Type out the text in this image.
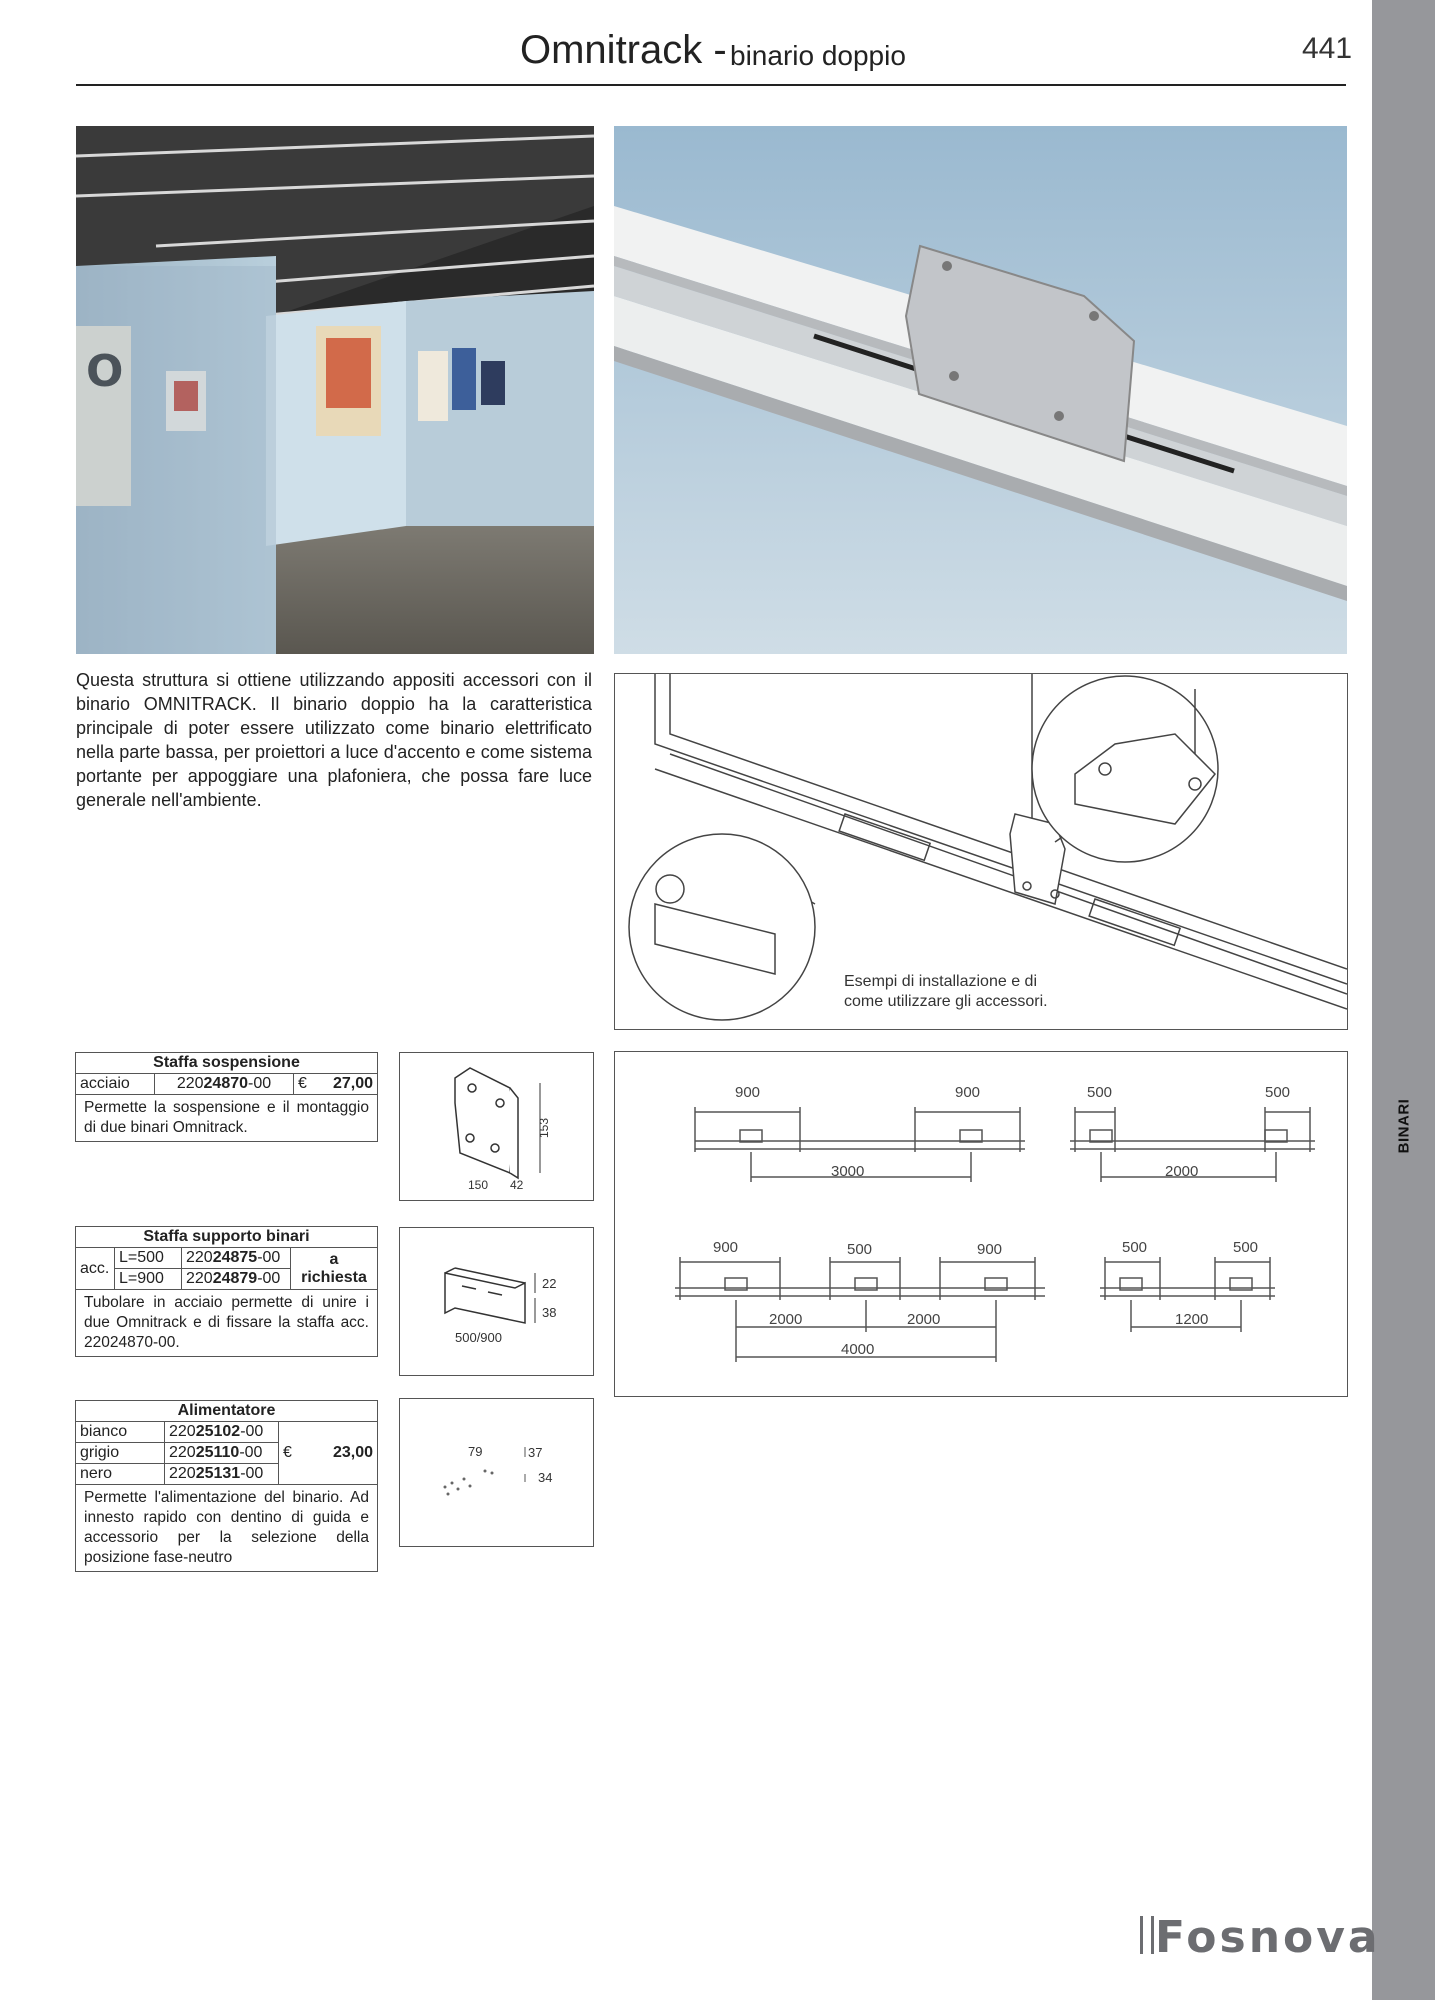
BINARI
Omnitrack - binario doppio	441
O
Questa struttura si ottiene utilizzando appositi accessori con il binario OMNITRACK. Il binario doppio ha la caratteristica principale di poter essere utilizzato come binario elettrificato nella parte bassa, per proiettori a luce d'accento e come sistema portante per appoggiare una plafoniera, che possa fare luce generale nell'ambiente.
Esempi di installazione e di
come utilizzare gli accessori.
Staffa sospensione
acciaio	22024870-00	€ 27,00
Permette la sospensione e il montaggio di due binari Omnitrack.	153
150 42
Staffa supporto binari			
acc.	L=500	22024875-00	a richiesta
	L=900	22024879-00	
Tubolare in acciaio permette di unire i due Omnitrack e di fissare la staffa acc. 22024870-00.			
22
38
500/900
Alimentatore		
bianco	22025102-00	€ 23,00
grigio	22025110-00	
nero	22025131-00	
Permette l'alimentazione del binario. Ad innesto rapido con dentino di guida e accessorio per la selezione della posizione fase-neutro		
79	37
34
900	900
3000
500	500
2000
900	500	900
2000	2000
4000
500	500
1200
Fosnova
